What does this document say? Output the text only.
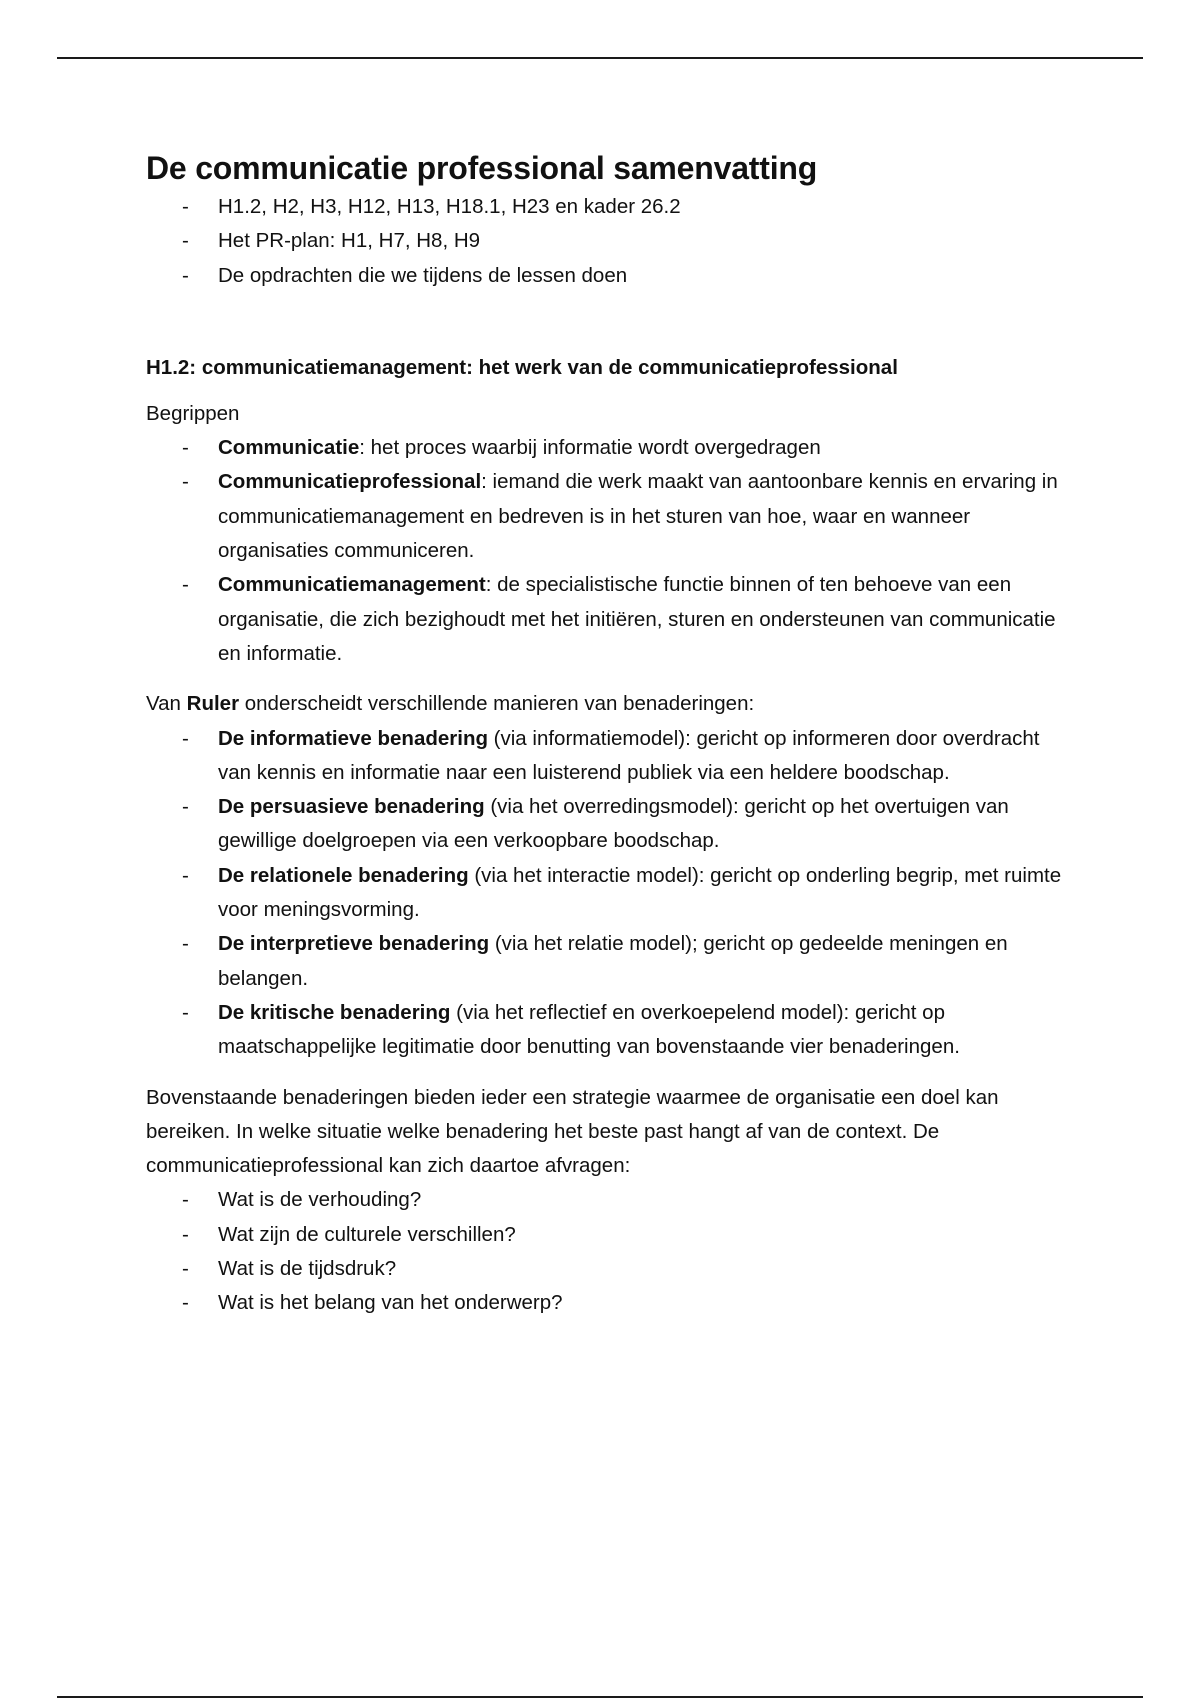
De communicatie professional samenvatting
- H1.2, H2, H3, H12, H13, H18.1, H23 en kader 26.2
- Het PR-plan: H1, H7, H8, H9
- De opdrachten die we tijdens de lessen doen
H1.2: communicatiemanagement: het werk van de communicatieprofessional

Begrippen

- Communicatie: het proces waarbij informatie wordt overgedragen
- Communicatieprofessional: iemand die werk maakt van aantoonbare kennis en ervaring in communicatiemanagement en bedreven is in het sturen van hoe, waar en wanneer organisaties communiceren.
- Communicatiemanagement: de specialistische functie binnen of ten behoeve van een organisatie, die zich bezighoudt met het initiëren, sturen en ondersteunen van communicatie en informatie.

Van Ruler onderscheidt verschillende manieren van benaderingen:

- De informatieve benadering (via informatiemodel): gericht op informeren door overdracht van kennis en informatie naar een luisterend publiek via een heldere boodschap.
- De persuasieve benadering (via het overredingsmodel): gericht op het overtuigen van gewillige doelgroepen via een verkoopbare boodschap.
- De relationele benadering (via het interactie model): gericht op onderling begrip, met ruimte voor meningsvorming.
- De interpretieve benadering (via het relatie model); gericht op gedeelde meningen en belangen.
- De kritische benadering (via het reflectief en overkoepelend model): gericht op maatschappelijke legitimatie door benutting van bovenstaande vier benaderingen.

Bovenstaande benaderingen bieden ieder een strategie waarmee de organisatie een doel kan bereiken. In welke situatie welke benadering het beste past hangt af van de context. De communicatieprofessional kan zich daartoe afvragen:

- Wat is de verhouding?
- Wat zijn de culturele verschillen?
- Wat is de tijdsdruk?
- Wat is het belang van het onderwerp?
